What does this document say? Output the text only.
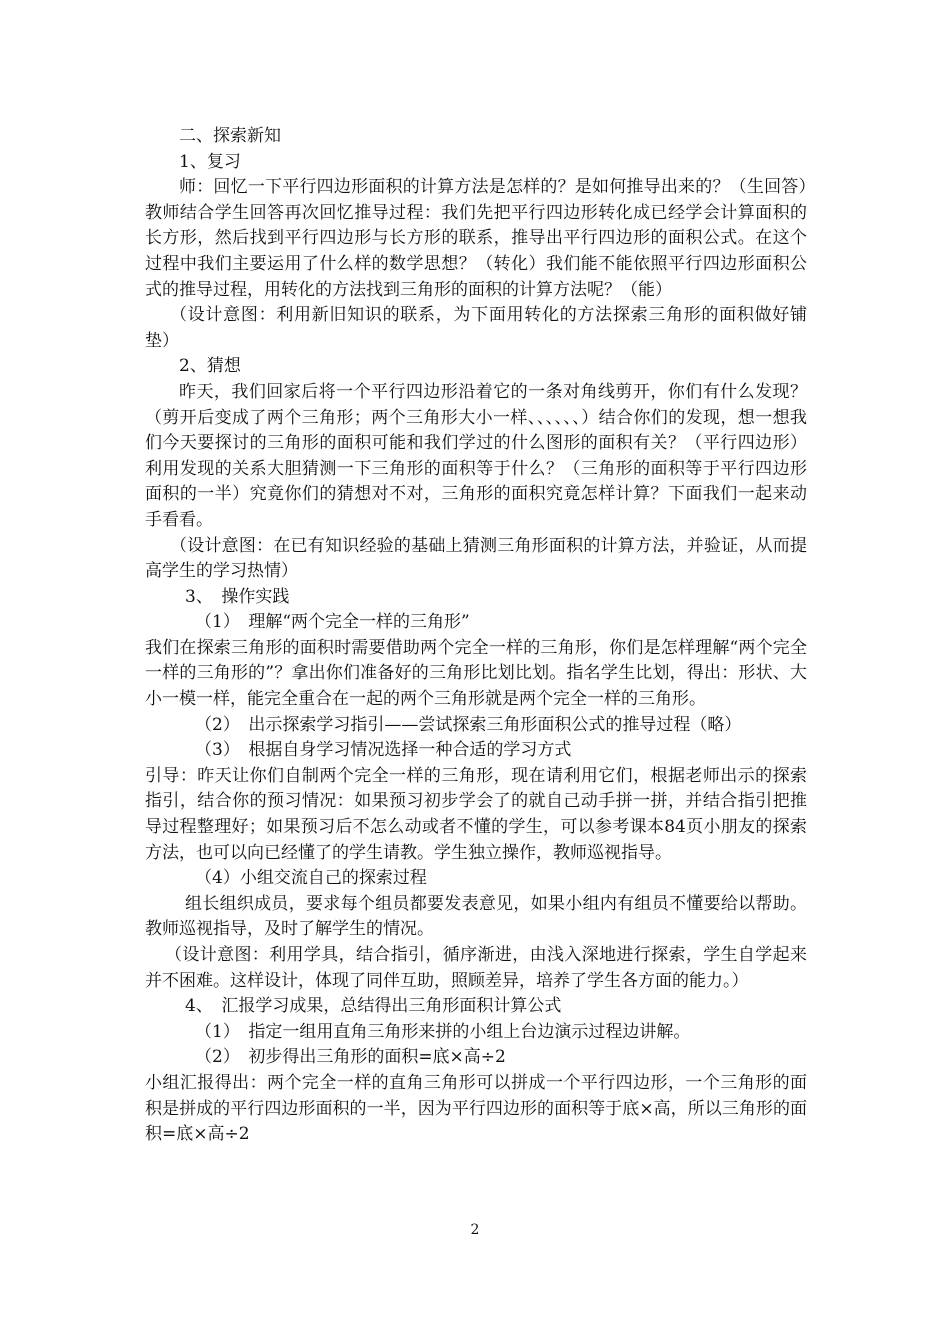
二、探索新知

1、复习

师：回忆一下平行四边形面积的计算方法是怎样的？是如何推导出来的？（生回答）教师结合学生回答再次回忆推导过程：我们先把平行四边形转化成已经学会计算面积的长方形，然后找到平行四边形与长方形的联系，推导出平行四边形的面积公式。在这个过程中我们主要运用了什么样的数学思想？（转化）我们能不能依照平行四边形面积公式的推导过程，用转化的方法找到三角形的面积的计算方法呢？（能）

（设计意图：利用新旧知识的联系，为下面用转化的方法探索三角形的面积做好铺垫）

2、猜想

昨天，我们回家后将一个平行四边形沿着它的一条对角线剪开，你们有什么发现？（剪开后变成了两个三角形；两个三角形大小一样、、、、、、）结合你们的发现，想一想我们今天要探讨的三角形的面积可能和我们学过的什么图形的面积有关？（平行四边形）利用发现的关系大胆猜测一下三角形的面积等于什么？（三角形的面积等于平行四边形面积的一半）究竟你们的猜想对不对，三角形的面积究竟怎样计算？下面我们一起来动手看看。

（设计意图：在已有知识经验的基础上猜测三角形面积的计算方法，并验证，从而提高学生的学习热情）

3、　操作实践

（1）　理解“两个完全一样的三角形”

我们在探索三角形的面积时需要借助两个完全一样的三角形，你们是怎样理解“两个完全一样的三角形的”？拿出你们准备好的三角形比划比划。指名学生比划，得出：形状、大小一模一样，能完全重合在一起的两个三角形就是两个完全一样的三角形。

（2）　出示探索学习指引——尝试探索三角形面积公式的推导过程（略）

（3）　根据自身学习情况选择一种合适的学习方式

引导：昨天让你们自制两个完全一样的三角形，现在请利用它们，根据老师出示的探索指引，结合你的预习情况：如果预习初步学会了的就自己动手拼一拼，并结合指引把推导过程整理好；如果预习后不怎么动或者不懂的学生，可以参考课本84页小朋友的探索方法，也可以向已经懂了的学生请教。学生独立操作，教师巡视指导。

（4）小组交流自己的探索过程

组长组织成员，要求每个组员都要发表意见，如果小组内有组员不懂要给以帮助。教师巡视指导，及时了解学生的情况。

（设计意图：利用学具，结合指引，循序渐进，由浅入深地进行探索，学生自学起来并不困难。这样设计，体现了同伴互助，照顾差异，培养了学生各方面的能力。）

4、　汇报学习成果，总结得出三角形面积计算公式

（1）　指定一组用直角三角形来拼的小组上台边演示过程边讲解。

（2）　初步得出三角形的面积=底×高÷2

小组汇报得出：两个完全一样的直角三角形可以拼成一个平行四边形，一个三角形的面积是拼成的平行四边形面积的一半，因为平行四边形的面积等于底×高，所以三角形的面积=底×高÷2

2
